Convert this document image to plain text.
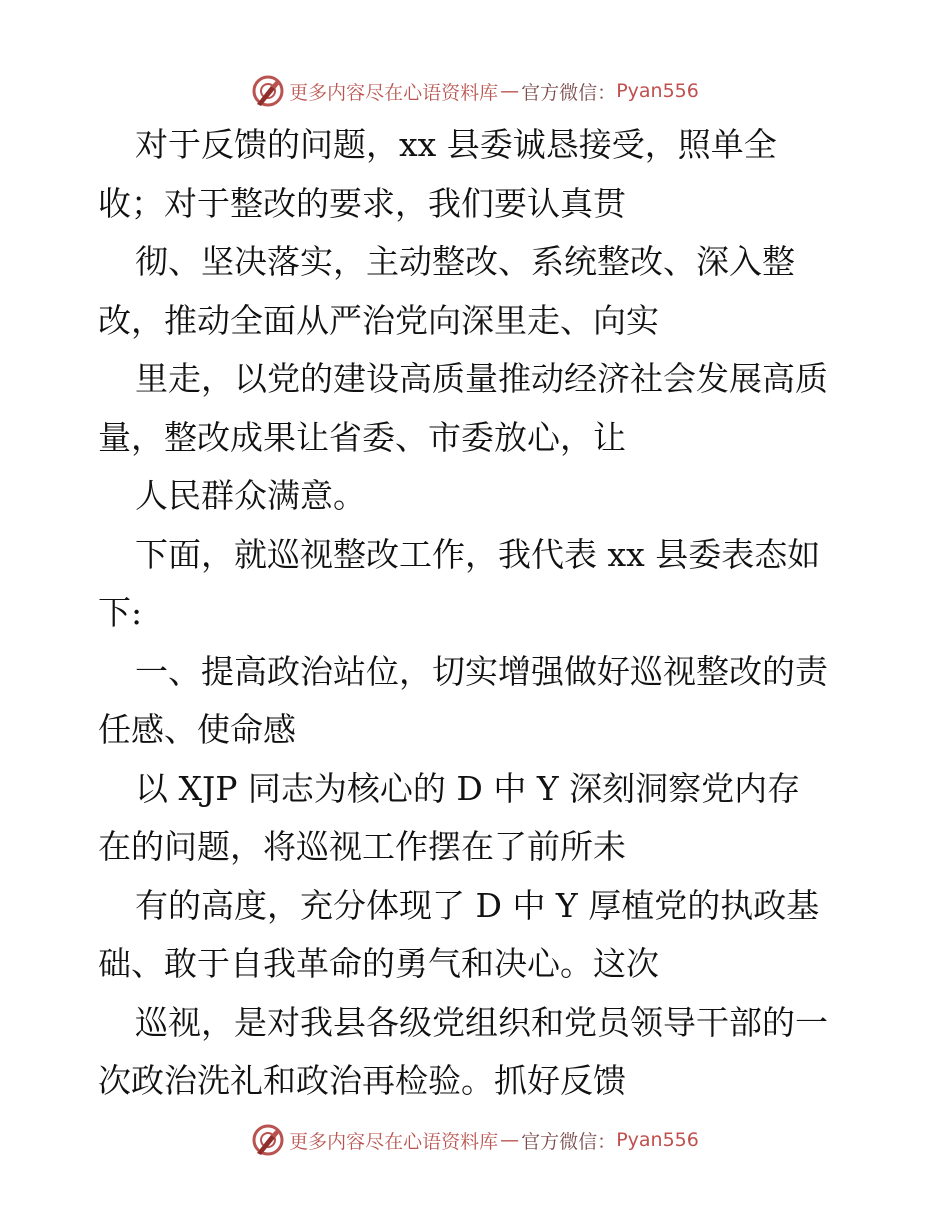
更多内容尽在心语资料库 — 官方微信： Pyan556
对于反馈的问题，xx 县委诚恳接受，照单全
收；对于整改的要求，我们要认真贯
彻、坚决落实，主动整改、系统整改、深入整
改，推动全面从严治党向深里走、向实
里走，以党的建设高质量推动经济社会发展高质
量，整改成果让省委、市委放心，让
人民群众满意。
下面，就巡视整改工作，我代表 xx 县委表态如
下:
一、提高政治站位，切实增强做好巡视整改的责
任感、使命感
以 XJP 同志为核心的 D 中 Y 深刻洞察党内存
在的问题，将巡视工作摆在了前所未
有的高度，充分体现了 D 中 Y 厚植党的执政基
础、敢于自我革命的勇气和决心。这次
巡视，是对我县各级党组织和党员领导干部的一
次政治洗礼和政治再检验。抓好反馈
更多内容尽在心语资料库 — 官方微信： Pyan556
